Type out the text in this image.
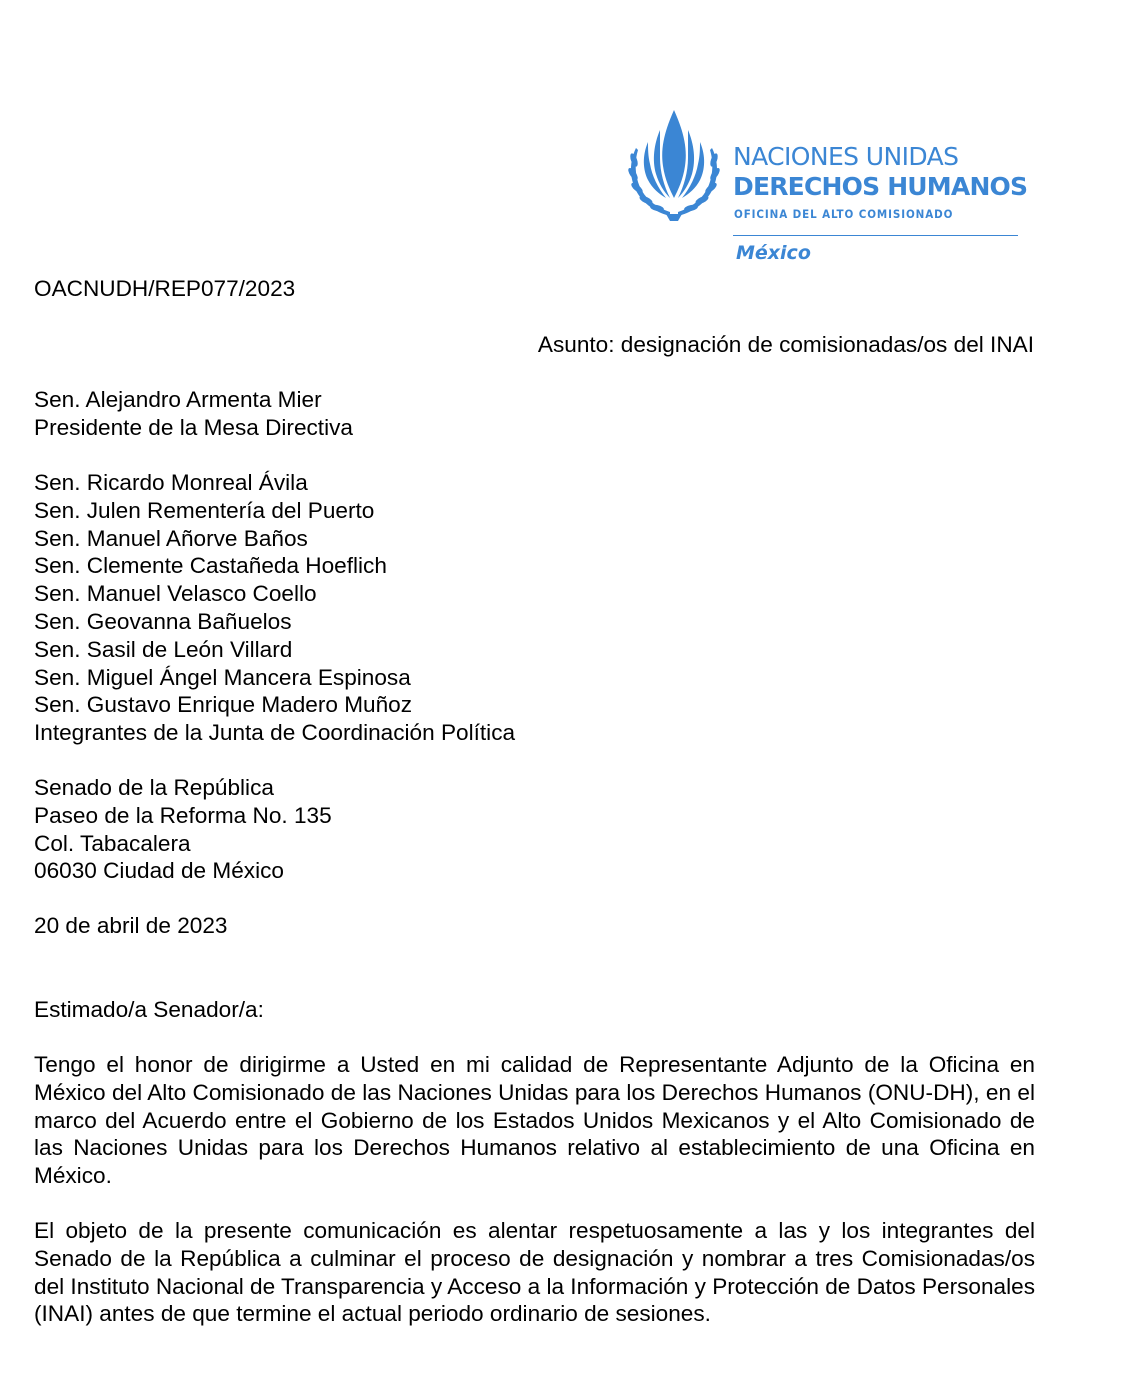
NACIONES UNIDAS
DERECHOS HUMANOS
OFICINA DEL ALTO COMISIONADO
México
OACNUDH/REP077/2023
Asunto: designación de comisionadas/os del INAI
Sen. Alejandro Armenta Mier
Presidente de la Mesa Directiva
Sen. Ricardo Monreal Ávila
Sen. Julen Rementería del Puerto
Sen. Manuel Añorve Baños
Sen. Clemente Castañeda Hoeflich
Sen. Manuel Velasco Coello
Sen. Geovanna Bañuelos
Sen. Sasil de León Villard
Sen. Miguel Ángel Mancera Espinosa
Sen. Gustavo Enrique Madero Muñoz
Integrantes de la Junta de Coordinación Política
Senado de la República
Paseo de la Reforma No. 135
Col. Tabacalera
06030 Ciudad de México
20 de abril de 2023
Estimado/a Senador/a:

Tengo el honor de dirigirme a Usted en mi calidad de Representante Adjunto de la Oficina en México del Alto Comisionado de las Naciones Unidas para los Derechos Humanos (ONU-DH), en el marco del Acuerdo entre el Gobierno de los Estados Unidos Mexicanos y el Alto Comisionado de las Naciones Unidas para los Derechos Humanos relativo al establecimiento de una Oficina en México.

El objeto de la presente comunicación es alentar respetuosamente a las y los integrantes del Senado de la República a culminar el proceso de designación y nombrar a tres Comisionadas/os del Instituto Nacional de Transparencia y Acceso a la Información y Protección de Datos Personales (INAI) antes de que termine el actual periodo ordinario de sesiones.
